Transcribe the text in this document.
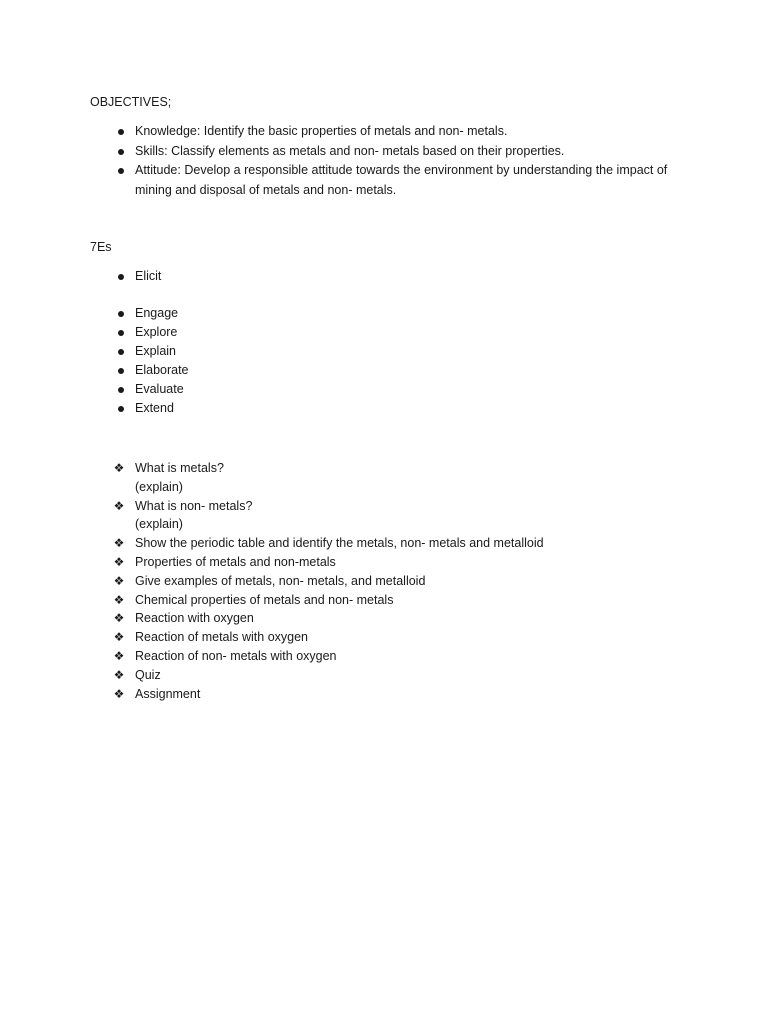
OBJECTIVES;
Knowledge: Identify the basic properties of metals and non- metals.
Skills: Classify elements as metals and non- metals based on their properties.
Attitude: Develop a responsible attitude towards the environment by understanding the impact of mining and disposal of metals and non- metals.
7Es
Elicit
Engage
Explore
Explain
Elaborate
Evaluate
Extend
❖ What is metals?
(explain)
❖ What is non- metals?
(explain)
❖ Show the periodic table and identify the metals, non- metals and metalloid
❖ Properties of metals and non-metals
❖ Give examples of metals, non- metals, and metalloid
❖ Chemical properties of metals and non- metals
❖ Reaction with oxygen
❖ Reaction of metals with oxygen
❖ Reaction of non- metals with oxygen
❖ Quiz
❖ Assignment
